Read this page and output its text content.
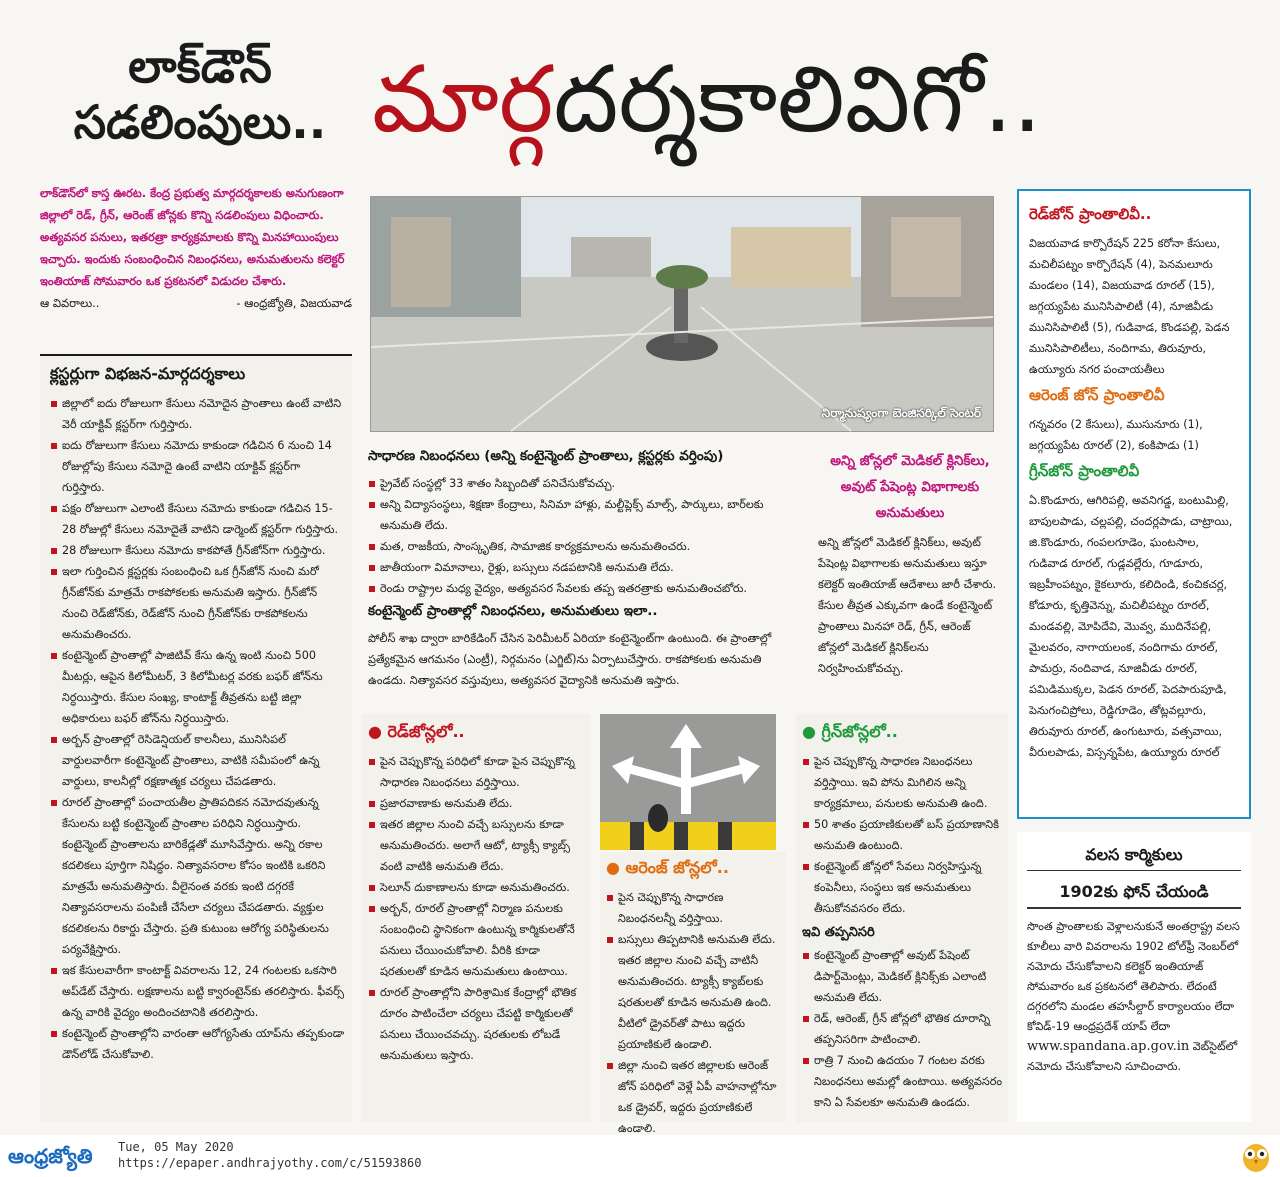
లాక్‌డౌన్
సడలింపులు.. మార్గదర్శకాలివిగో..
లాక్‌డౌన్‌లో కాస్త ఊరట. కేంద్ర ప్రభుత్వ మార్గదర్శకాలకు అనుగుణంగా జిల్లాలో రెడ్, గ్రీన్, ఆరెంజ్ జోన్లకు కొన్ని సడలింపులు విధించారు. అత్యవసర పనులు, ఇతరత్రా కార్యక్రమాలకు కొన్ని మినహాయింపులు ఇచ్చారు. ఇందుకు సంబంధించిన నిబంధనలు, అనుమతులను కలెక్టర్ ఇంతియాజ్ సోమవారం ఒక ప్రకటనలో విడుదల చేశారు.
ఆ వివరాలు..	- ఆంధ్రజ్యోతి, విజయవాడ
క్లస్టర్లుగా విభజన-మార్గదర్శకాలు
జిల్లాలో ఐదు రోజులుగా కేసులు నమోదైన ప్రాంతాలు ఉంటే వాటిని వెరీ యాక్టివ్ క్లస్టర్‌గా గుర్తిస్తారు.
ఐదు రోజులుగా కేసులు నమోదు కాకుండా గడిచిన 6 నుంచి 14 రోజుల్లోపు కేసులు నమోదై ఉంటే వాటిని యాక్టివ్ క్లస్టర్‌గా గుర్తిస్తారు.
పక్షం రోజులుగా ఎలాంటి కేసులు నమోదు కాకుండా గడిచిన 15-28 రోజుల్లో కేసులు నమోదైతే వాటిని డార్మెంట్ క్లస్టర్‌గా గుర్తిస్తారు.
28 రోజులుగా కేసులు నమోదు కాకపోతే గ్రీన్‌జోన్‌గా గుర్తిస్తారు.
ఇలా గుర్తించిన క్లస్టర్లకు సంబంధించి ఒక గ్రీన్‌జోన్ నుంచి మరో గ్రీన్‌జోన్‌కు మాత్రమే రాకపోకలకు అనుమతి ఇస్తారు. గ్రీన్‌జోన్ నుంచి రెడ్‌జోన్‌కు, రెడ్‌జోన్ నుంచి గ్రీన్‌జోన్‌కు రాకపోకలను అనుమతించరు.
కంటైన్మెంట్ ప్రాంతాల్లో పాజిటివ్ కేసు ఉన్న ఇంటి నుంచి 500 మీటర్లు, ఆపైన కిలోమీటర్, 3 కిలోమీటర్ల వరకు బఫర్ జోన్‌ను నిర్ధయిస్తారు. కేసుల సంఖ్య, కాంటాక్ట్ తీవ్రతను బట్టి జిల్లా అధికారులు బఫర్ జోన్‌ను నిర్ధయిస్తారు.
అర్బన్ ప్రాంతాల్లో రెసిడెన్షియల్ కాలనీలు, మునిసిపల్ వార్డులవారీగా కంటైన్మెంట్ ప్రాంతాలు, వాటికి సమీపంలో ఉన్న వార్డులు, కాలనీల్లో రక్షణాత్మక చర్యలు చేపడతారు.
రూరల్ ప్రాంతాల్లో పంచాయతీల ప్రాతిపదికన నమోదవుతున్న కేసులను బట్టి కంటైన్మెంట్ ప్రాంతాల పరిధిని నిర్ధయిస్తారు. కంటైన్మెంట్ ప్రాంతాలను బారికేడ్లతో మూసివేస్తారు. అన్ని రకాల కదలికలు పూర్తిగా నిషిద్ధం. నిత్యావసరాల కోసం ఇంటికి ఒకరిని మాత్రమే అనుమతిస్తారు. వీలైనంత వరకు ఇంటి దగ్గరకే నిత్యావసరాలను పంపిణీ చేసేలా చర్యలు చేపడతారు. వ్యక్తుల కదలికలను రికార్డు చేస్తారు. ప్రతి కుటుంబ ఆరోగ్య పరిస్థితులను పర్యవేక్షిస్తారు.
ఇక కేసులవారీగా కాంటాక్ట్ వివరాలను 12, 24 గంటలకు ఒకసారి అప్‌డేట్ చేస్తారు. లక్షణాలను బట్టి క్వారంటైన్‌కు తరలిస్తారు. ఫీవర్స్ ఉన్న వారికి వైద్యం అందించటానికి తరలిస్తారు.
కంటైన్మెంట్ ప్రాంతాల్లోని వారంతా ఆరోగ్యసేతు యాప్‌ను తప్పకుండా డౌన్‌లోడ్ చేసుకోవాలి.
నిర్మానుష్యంగా బెంజిసర్కిల్ సెంటర్
సాధారణ నిబంధనలు (అన్ని కంటైన్మెంట్ ప్రాంతాలు, క్లస్టర్లకు వర్తింపు)
ప్రైవేట్ సంస్థల్లో 33 శాతం సిబ్బందితో పనిచేసుకోవచ్చు.
అన్ని విద్యాసంస్థలు, శిక్షణా కేంద్రాలు, సినిమా హాళ్లు, మల్టీప్లెక్స్ మాల్స్, పార్కులు, బార్‌లకు అనుమతి లేదు.
మత, రాజకీయ, సాంస్కృతిక, సామాజిక కార్యక్రమాలను అనుమతించరు.
జాతీయంగా విమానాలు, రైళ్లు, బస్సులు నడపటానికి అనుమతి లేదు.
రెండు రాష్ట్రాల మధ్య వైద్యం, అత్యవసర సేవలకు తప్ప ఇతరత్రాకు అనుమతించబోరు.
కంటైన్మెంట్ ప్రాంతాల్లో నిబంధనలు, అనుమతులు ఇలా..

పోలీస్ శాఖ ద్వారా బారికేడింగ్ చేసిన పెరిమీటర్ ఏరియా కంటైన్మెంట్‌గా ఉంటుంది. ఈ ప్రాంతాల్లో ప్రత్యేకమైన ఆగమనం (ఎంట్రీ), నిర్గమనం (ఎగ్జిట్)ను ఏర్పాటుచేస్తారు. రాకపోకలకు అనుమతి ఉండదు. నిత్యావసర వస్తువులు, అత్యవసర వైద్యానికి అనుమతి ఇస్తారు.

అన్ని జోన్లలో మెడికల్ క్లినిక్‌లు, అవుట్ పేషెంట్ల విభాగాలకు అనుమతులు

అన్ని జోన్లలో మెడికల్ క్లినిక్‌లు, అవుట్ పేషెంట్ల విభాగాలకు అనుమతులు ఇస్తూ కలెక్టర్ ఇంతియాజ్ ఆదేశాలు జారీ చేశారు. కేసుల తీవ్రత ఎక్కువగా ఉండే కంటైన్మెంట్ ప్రాంతాలు మినహా రెడ్, గ్రీన్, ఆరెంజ్ జోన్లలో మెడికల్ క్లినిక్‌లను నిర్వహించుకోవచ్చు.

● రెడ్‌జోన్లలో..
పైన చెప్పుకొన్న పరిధిలో కూడా పైన చెప్పుకొన్న సాధారణ నిబంధనలు వర్తిస్తాయి.
ప్రజారవాణాకు అనుమతి లేదు.
ఇతర జిల్లాల నుంచి వచ్చే బస్సులను కూడా అనుమతించరు. అలాగే ఆటో, ట్యాక్సీ క్యాబ్స్ వంటి వాటికి అనుమతి లేదు.
సెలూన్ దుకాణాలను కూడా అనుమతించరు.
అర్బన్, రూరల్ ప్రాంతాల్లో నిర్మాణ పనులకు సంబంధించి స్థానికంగా ఉంటున్న కార్మికులతోనే పనులు చేయించుకోవాలి. వీరికి కూడా షరతులతో కూడిన అనుమతులు ఉంటాయి.
రూరల్ ప్రాంతాల్లోని పారిశ్రామిక కేంద్రాల్లో భౌతిక దూరం పాటించేలా చర్యలు చేపట్టి కార్మికులతో పనులు చేయించవచ్చు. షరతులకు లోబడే అనుమతులు ఇస్తారు.
● ఆరెంజ్ జోన్లలో..
పైన చెప్పుకొన్న సాధారణ నిబంధనలన్నీ వర్తిస్తాయి.
బస్సులు తిప్పటానికి అనుమతి లేదు. ఇతర జిల్లాల నుంచి వచ్చే వాటినీ అనుమతించరు. ట్యాక్సీ క్యాబ్‌లకు షరతులతో కూడిన అనుమతి ఉంది. వీటిలో డ్రైవర్‌తో పాటు ఇద్దరు ప్రయాణికులే ఉండాలి.
జిల్లా నుంచి ఇతర జిల్లాలకు ఆరెంజ్ జోన్ పరిధిలో వెళ్లే ఏపీ వాహనాల్లోనూ ఒక డ్రైవర్, ఇద్దరు ప్రయాణికులే ఉండాలి.
● గ్రీన్‌జోన్లలో..
పైన చెప్పుకొన్న సాధారణ నిబంధనలు వర్తిస్తాయి. ఇవి పోను మిగిలిన అన్ని కార్యక్రమాలు, పనులకు అనుమతి ఉంది.
50 శాతం ప్రయాణికులతో బస్ ప్రయాణానికి అనుమతి ఉంటుంది.
కంటైన్మెంట్ జోన్లలో సేవలు నిర్వహిస్తున్న కంపెనీలు, సంస్థలు ఇక అనుమతులు తీసుకోనవసరం లేదు.
ఇవి తప్పనిసరి
కంటైన్మెంట్ ప్రాంతాల్లో అవుట్ పేషెంట్ డిపార్ట్‌మెంట్లు, మెడికల్ క్లినిక్స్‌కు ఎలాంటి అనుమతి లేదు.
రెడ్, ఆరెంజ్, గ్రీన్ జోన్లలో భౌతిక దూరాన్ని తప్పనిసరిగా పాటించాలి.
రాత్రి 7 నుంచి ఉదయం 7 గంటల వరకు నిబంధనలు అమల్లో ఉంటాయి. అత్యవసరం కాని ఏ సేవలకూ అనుమతి ఉండదు.
రెడ్‌జోన్ ప్రాంతాలివీ..

విజయవాడ కార్పొరేషన్ 225 కరోనా కేసులు, మచిలీపట్నం కార్పొరేషన్ (4), పెనమలూరు మండలం (14), విజయవాడ రూరల్ (15), జగ్గయ్యపేట మునిసిపాలిటీ (4), నూజివీడు మునిసిపాలిటీ (5), గుడివాడ, కొండపల్లి, పెడన మునిసిపాలిటీలు, నందిగామ, తిరువూరు, ఉయ్యూరు నగర పంచాయతీలు

ఆరెంజ్ జోన్ ప్రాంతాలివీ

గన్నవరం (2 కేసులు), ముసునూరు (1), జగ్గయ్యపేట రూరల్ (2), కంకిపాడు (1)

గ్రీన్‌జోన్ ప్రాంతాలివీ

ఏ.కొండూరు, ఆగిరిపల్లి, అవనిగడ్డ, బంటుమిల్లి, బాపులపాడు, చల్లపల్లి, చందర్లపాడు, చాట్రాయి, జి.కొండూరు, గంపలగూడెం, ఘంటసాల, గుడివాడ రూరల్, గుడ్లవల్లేరు, గూడూరు, ఇబ్రహీంపట్నం, కైకలూరు, కలిదిండి, కంచికచర్ల, కోడూరు, కృత్తివెన్ను, మచిలీపట్నం రూరల్, మండవల్లి, మోపిదేవి, మొవ్వ, ముదినేపల్లి, మైలవరం, నాగాయలంక, నందిగామ రూరల్, పామర్రు, నందివాడ, నూజివీడు రూరల్, పమిడిముక్కల, పెడన రూరల్, పెదపారుపూడి, పెనుగంచిప్రోలు, రెడ్డిగూడెం, తోట్లవల్లూరు, తిరువూరు రూరల్, ఉంగుటూరు, వత్సవాయి, వీరులపాడు, విస్సన్నపేట, ఉయ్యూరు రూరల్

వలస కార్మికులు
1902కు ఫోన్ చేయండి

సొంత ప్రాంతాలకు వెళ్లాలనుకునే అంతర్రాష్ట్ర వలస కూలీలు వారి వివరాలను 1902 టోల్‌ఫ్రీ నెంబర్‌లో నమోదు చేసుకోవాలని కలెక్టర్ ఇంతియాజ్ సోమవారం ఒక ప్రకటనలో తెలిపారు. లేదంటే దగ్గరలోని మండల తహసీల్దార్ కార్యాలయం లేదా కోవిడ్-19 ఆంధ్రప్రదేశ్ యాప్ లేదా www.spandana.ap.gov.in వెబ్‌సైట్‌లో నమోదు చేసుకోవాలని సూచించారు.

ఆంధ్రజ్యోతి	Tue, 05 May 2020
https://epaper.andhrajyothy.com/c/51593860
